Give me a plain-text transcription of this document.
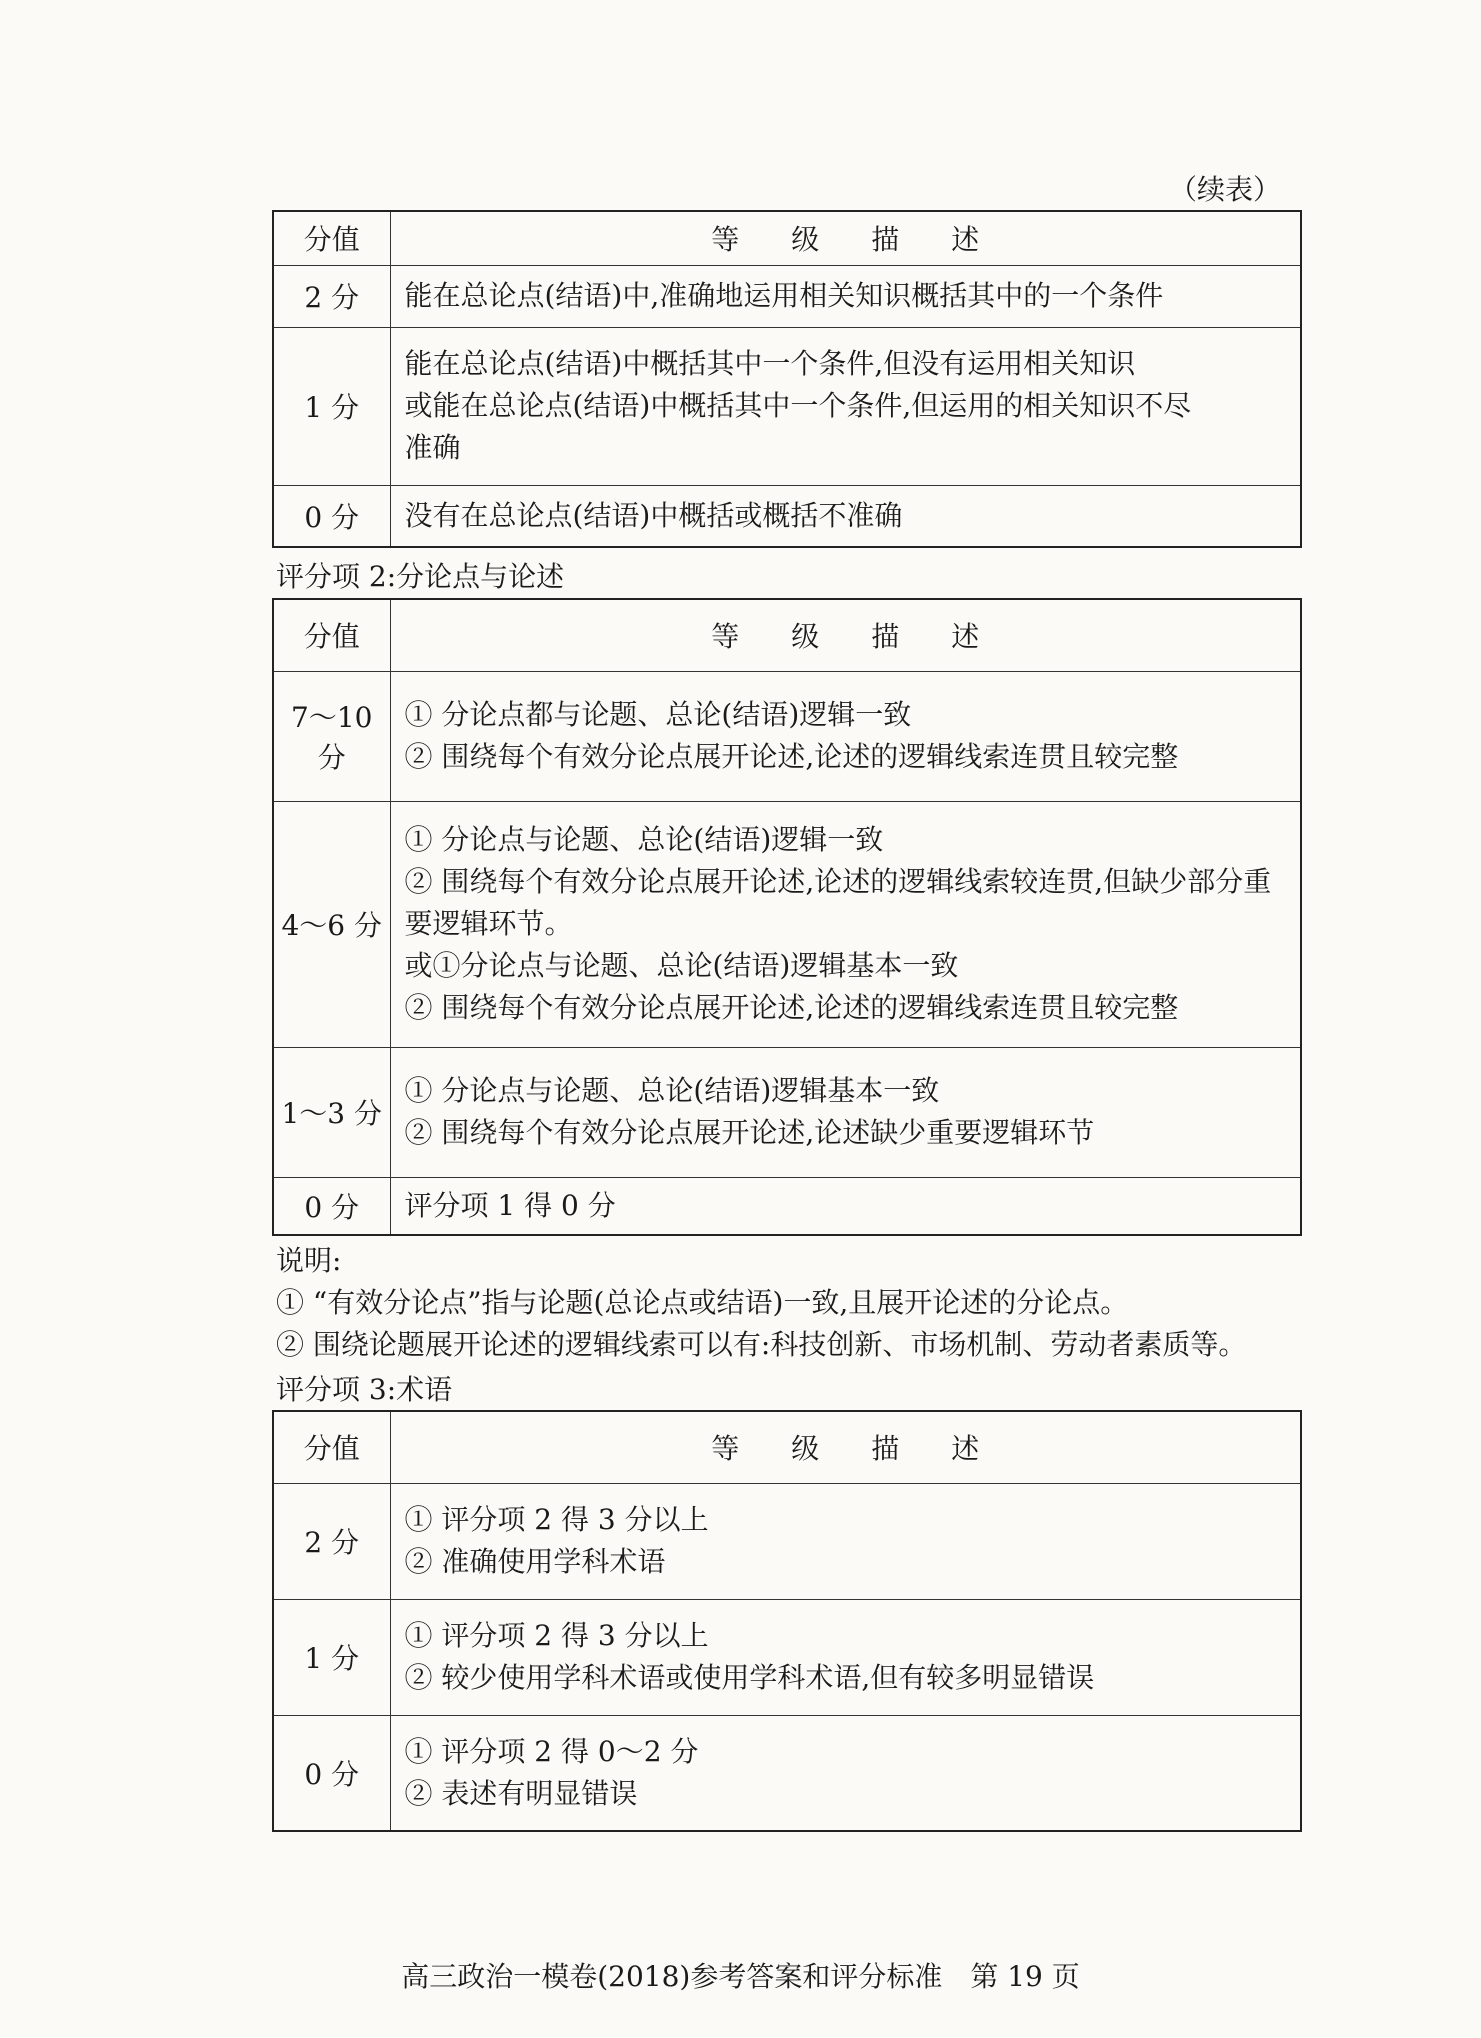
（续表）
分值	等 级 描 述
2 分	能在总论点(结语)中,准确地运用相关知识概括其中的一个条件

1 分	能在总论点(结语)中概括其中一个条件,但没有运用相关知识
或能在总论点(结语)中概括其中一个条件,但运用的相关知识不尽
准确

0 分	没有在总论点(结语)中概括或概括不准确
评分项 2:分论点与论述
分值	等 级 描 述
7～10 分	① 分论点都与论题、总论(结语)逻辑一致
② 围绕每个有效分论点展开论述,论述的逻辑线索连贯且较完整

4～6 分	① 分论点与论题、总论(结语)逻辑一致
② 围绕每个有效分论点展开论述,论述的逻辑线索较连贯,但缺少部分重
要逻辑环节。
或①分论点与论题、总论(结语)逻辑基本一致
② 围绕每个有效分论点展开论述,论述的逻辑线索连贯且较完整

1～3 分	① 分论点与论题、总论(结语)逻辑基本一致
② 围绕每个有效分论点展开论述,论述缺少重要逻辑环节

0 分	评分项 1 得 0 分
说明:
① “有效分论点”指与论题(总论点或结语)一致,且展开论述的分论点。
② 围绕论题展开论述的逻辑线索可以有:科技创新、市场机制、劳动者素质等。
评分项 3:术语
分值	等 级 描 述
2 分	① 评分项 2 得 3 分以上
② 准确使用学科术语

1 分	① 评分项 2 得 3 分以上
② 较少使用学科术语或使用学科术语,但有较多明显错误

0 分	① 评分项 2 得 0～2 分
② 表述有明显错误
高三政治一模卷(2018)参考答案和评分标准　第 19 页
